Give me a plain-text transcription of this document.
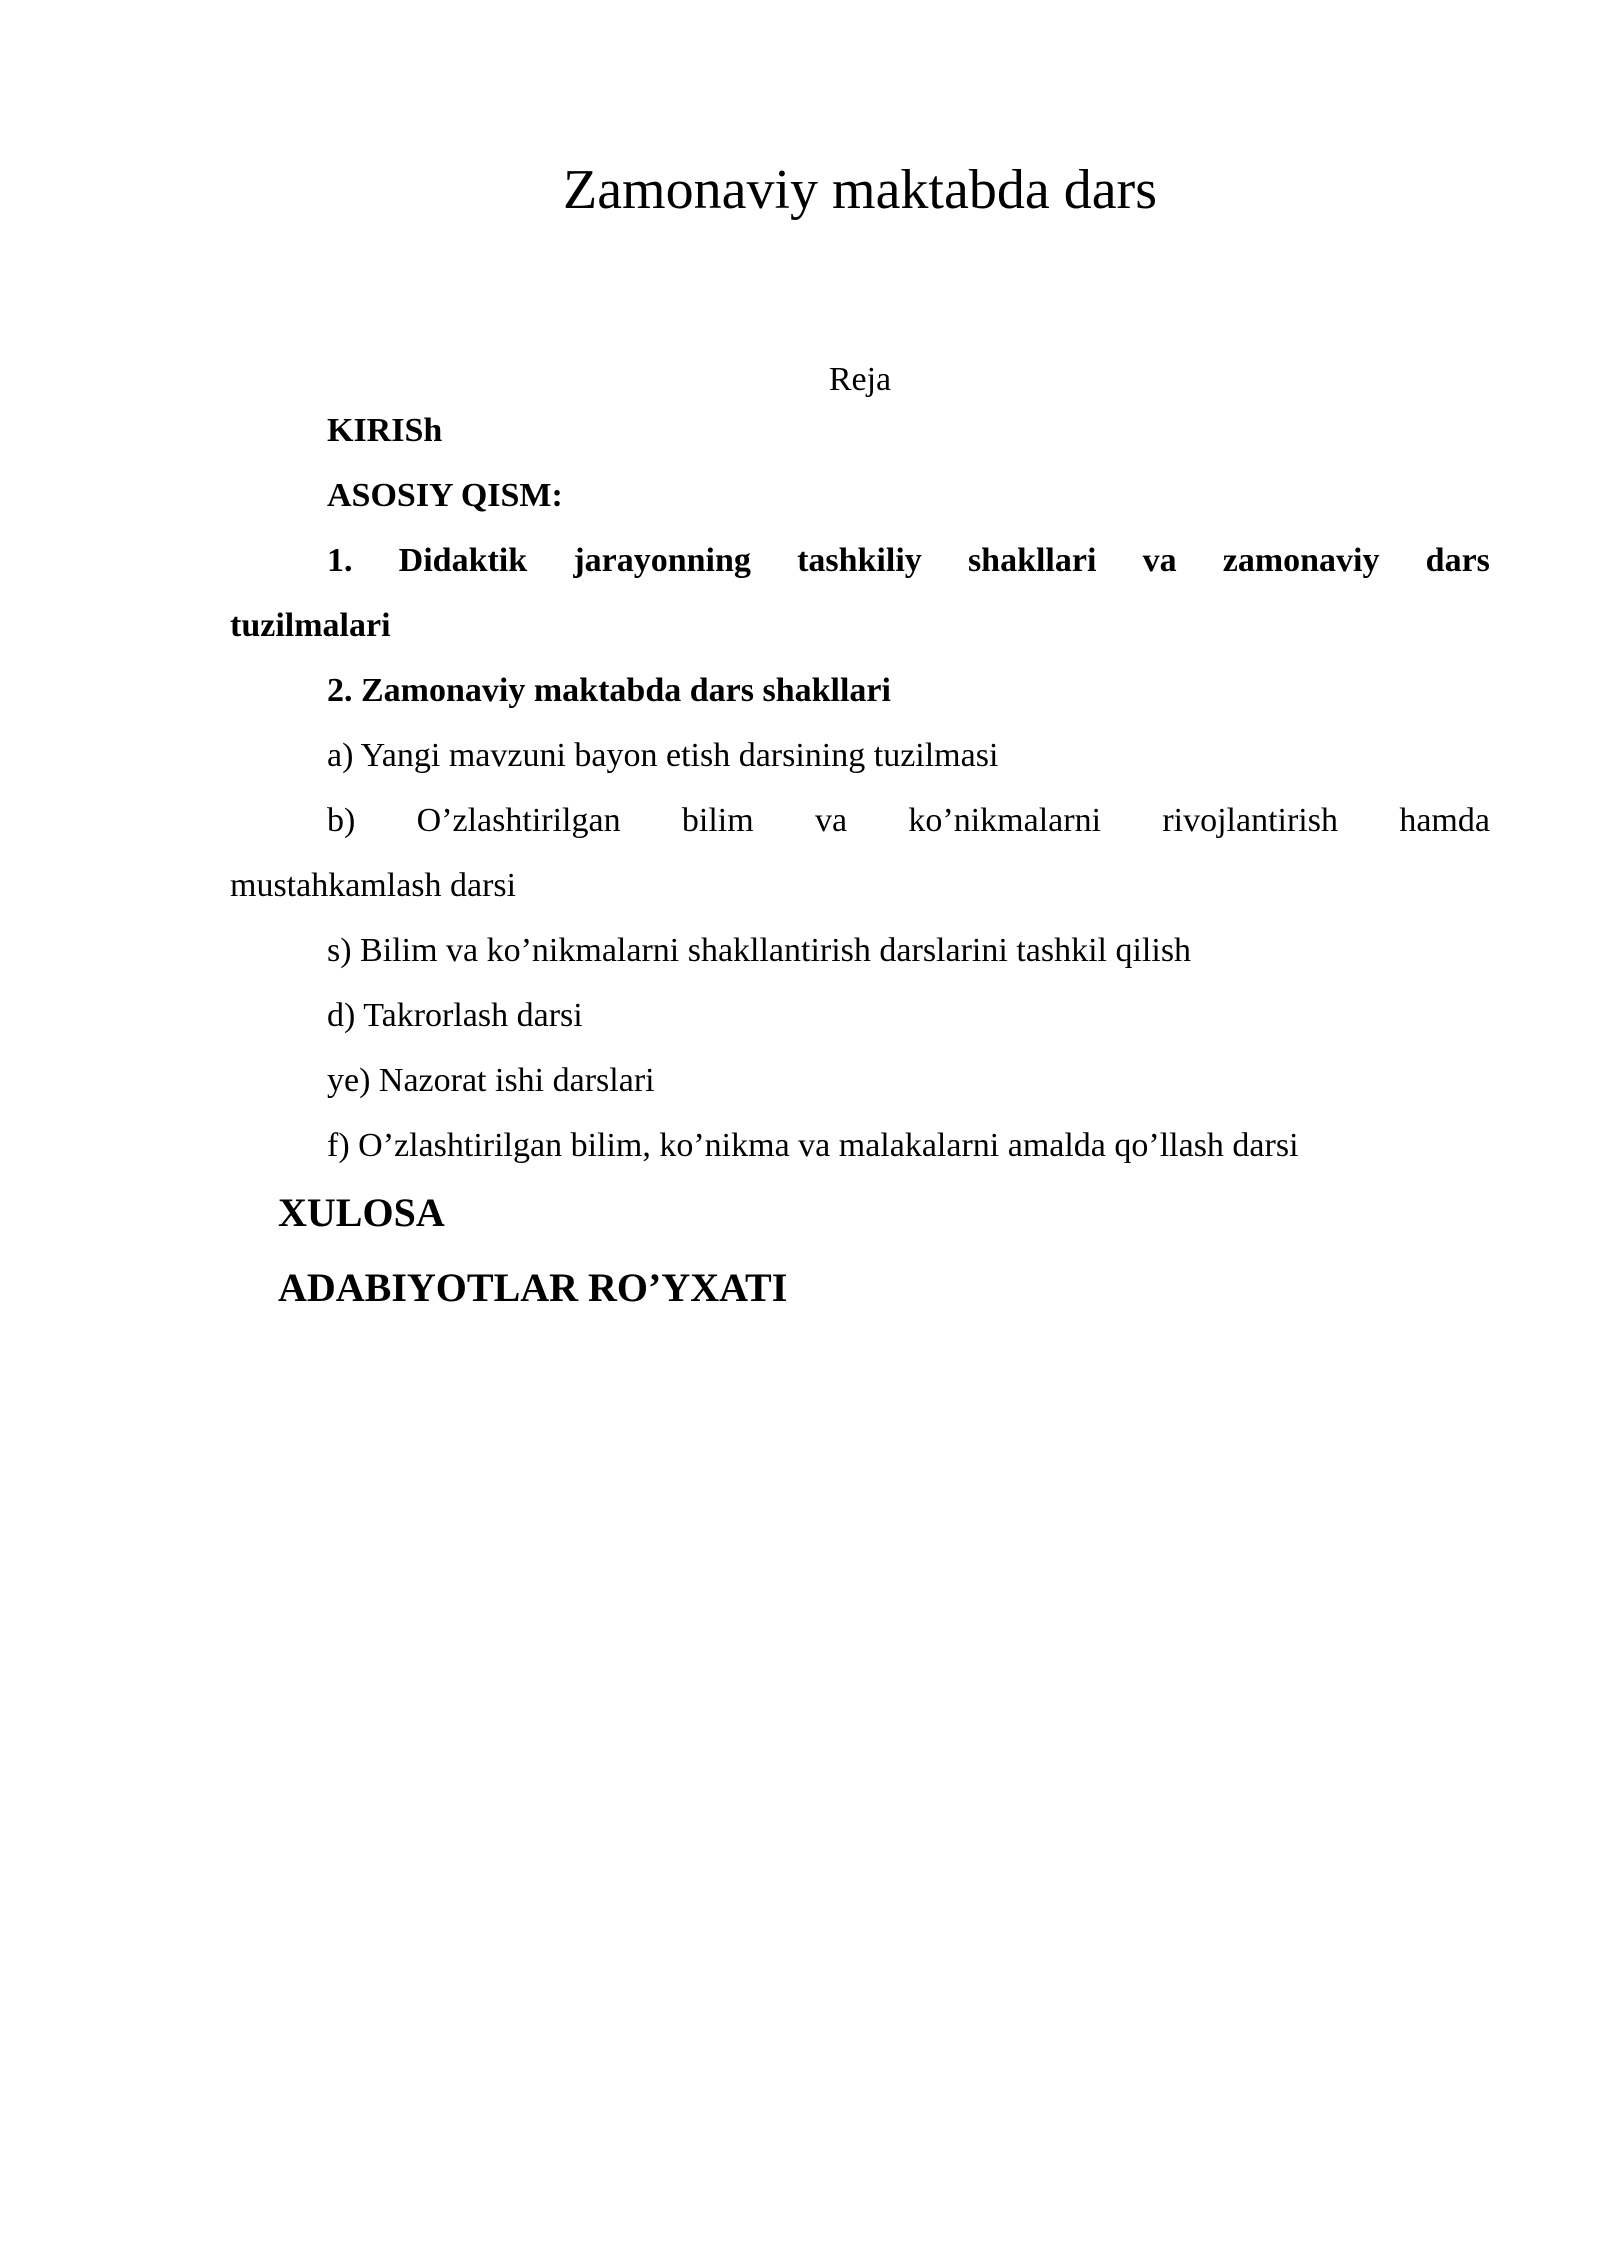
Zamonaviy maktabda dars

Reja

KIRISh

ASOSIY QISM:

1. Didaktik jarayonning tashkiliy shakllari va zamonaviy dars

tuzilmalari

2. Zamonaviy maktabda dars shakllari

a) Yangi mavzuni bayon etish darsining tuzilmasi

b) O’zlashtirilgan bilim va ko’nikmalarni rivojlantirish hamda

mustahkamlash darsi

s) Bilim va ko’nikmalarni shakllantirish darslarini tashkil qilish

d) Takrorlash darsi

ye) Nazorat ishi darslari

f) O’zlashtirilgan bilim, ko’nikma va malakalarni amalda qo’llash darsi

XULOSA

ADABIYOTLAR RO’YXATI
